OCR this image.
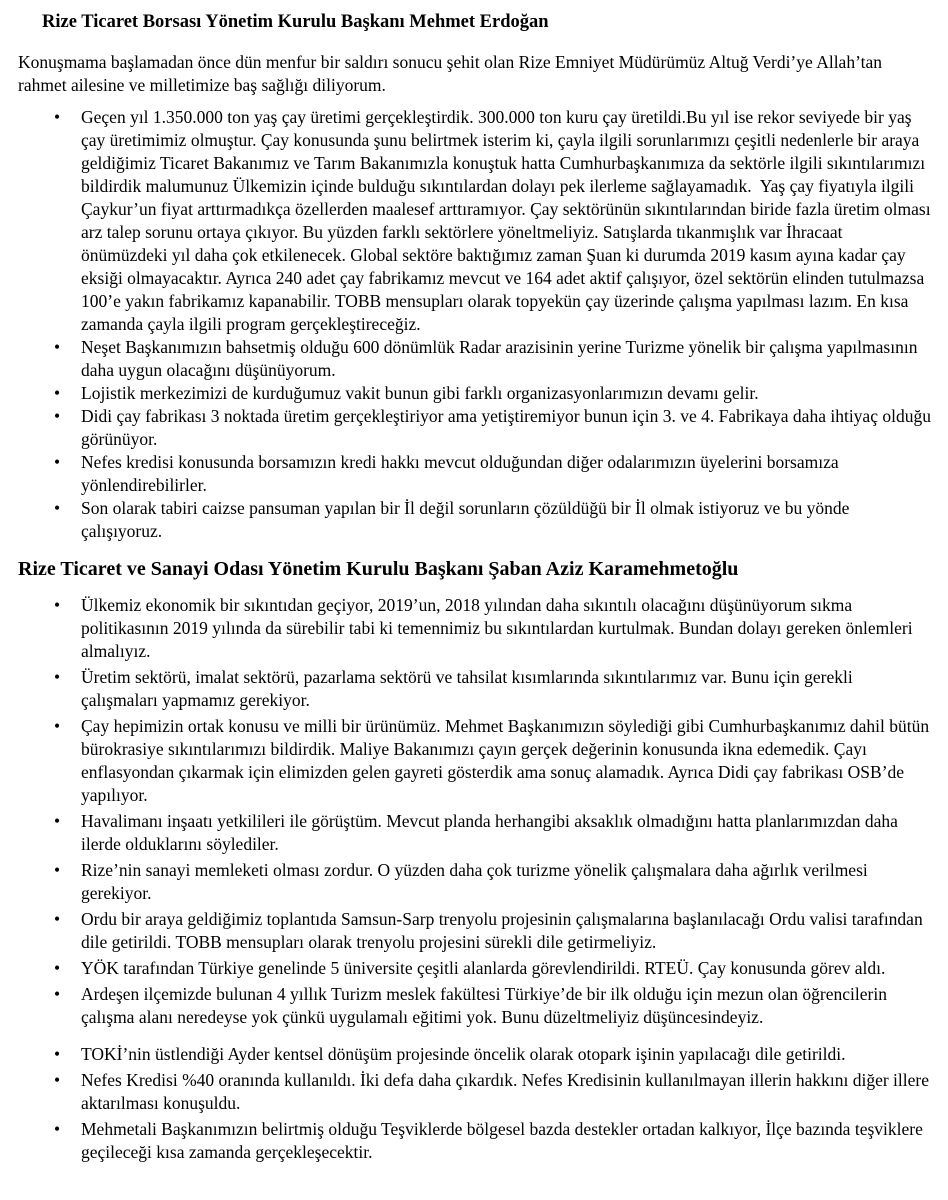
Rize Ticaret Borsası Yönetim Kurulu Başkanı Mehmet Erdoğan

Konuşmama başlamadan önce dün menfur bir saldırı sonucu şehit olan Rize Emniyet Müdürümüz Altuğ Verdi’ye Allah’tan rahmet ailesine ve milletimize baş sağlığı diliyorum.

• Geçen yıl 1.350.000 ton yaş çay üretimi gerçekleştirdik. 300.000 ton kuru çay üretildi.Bu yıl ise rekor seviyede bir yaş çay üretimimiz olmuştur. Çay konusunda şunu belirtmek isterim ki, çayla ilgili sorunlarımızı çeşitli nedenlerle bir araya geldiğimiz Ticaret Bakanımız ve Tarım Bakanımızla konuştuk hatta Cumhurbaşkanımıza da sektörle ilgili sıkıntılarımızı bildirdik malumunuz Ülkemizin içinde bulduğu sıkıntılardan dolayı pek ilerleme sağlayamadık.  Yaş çay fiyatıyla ilgili Çaykur’un fiyat arttırmadıkça özellerden maalesef arttıramıyor. Çay sektörünün sıkıntılarından biride fazla üretim olması arz talep sorunu ortaya çıkıyor. Bu yüzden farklı sektörlere yöneltmeliyiz. Satışlarda tıkanmışlık var İhracaat önümüzdeki yıl daha çok etkilenecek. Global sektöre baktığımız zaman Şuan ki durumda 2019 kasım ayına kadar çay eksiği olmayacaktır. Ayrıca 240 adet çay fabrikamız mevcut ve 164 adet aktif çalışıyor, özel sektörün elinden tutulmazsa 100’e yakın fabrikamız kapanabilir. TOBB mensupları olarak topyekün çay üzerinde çalışma yapılması lazım. En kısa zamanda çayla ilgili program gerçekleştireceğiz.
• Neşet Başkanımızın bahsetmiş olduğu 600 dönümlük Radar arazisinin yerine Turizme yönelik bir çalışma yapılmasının daha uygun olacağını düşünüyorum.
• Lojistik merkezimizi de kurduğumuz vakit bunun gibi farklı organizasyonlarımızın devamı gelir.
• Didi çay fabrikası 3 noktada üretim gerçekleştiriyor ama yetiştiremiyor bunun için 3. ve 4. Fabrikaya daha ihtiyaç olduğu görünüyor.
• Nefes kredisi konusunda borsamızın kredi hakkı mevcut olduğundan diğer odalarımızın üyelerini borsamıza yönlendirebilirler.
• Son olarak tabiri caizse pansuman yapılan bir İl değil sorunların çözüldüğü bir İl olmak istiyoruz ve bu yönde çalışıyoruz.
Rize Ticaret ve Sanayi Odası Yönetim Kurulu Başkanı Şaban Aziz Karamehmetoğlu
• Ülkemiz ekonomik bir sıkıntıdan geçiyor, 2019’un, 2018 yılından daha sıkıntılı olacağını düşünüyorum sıkma politikasının 2019 yılında da sürebilir tabi ki temennimiz bu sıkıntılardan kurtulmak. Bundan dolayı gereken önlemleri almalıyız.
• Üretim sektörü, imalat sektörü, pazarlama sektörü ve tahsilat kısımlarında sıkıntılarımız var. Bunu için gerekli çalışmaları yapmamız gerekiyor.
• Çay hepimizin ortak konusu ve milli bir ürünümüz. Mehmet Başkanımızın söylediği gibi Cumhurbaşkanımız dahil bütün bürokrasiye sıkıntılarımızı bildirdik. Maliye Bakanımızı çayın gerçek değerinin konusunda ikna edemedik. Çayı enflasyondan çıkarmak için elimizden gelen gayreti gösterdik ama sonuç alamadık. Ayrıca Didi çay fabrikası OSB’de yapılıyor.
• Havalimanı inşaatı yetkilileri ile görüştüm. Mevcut planda herhangibi aksaklık olmadığını hatta planlarımızdan daha ilerde olduklarını söylediler.
• Rize’nin sanayi memleketi olması zordur. O yüzden daha çok turizme yönelik çalışmalara daha ağırlık verilmesi gerekiyor.
• Ordu bir araya geldiğimiz toplantıda Samsun-Sarp trenyolu projesinin çalışmalarına başlanılacağı Ordu valisi tarafından dile getirildi. TOBB mensupları olarak trenyolu projesini sürekli dile getirmeliyiz.
• YÖK tarafından Türkiye genelinde 5 üniversite çeşitli alanlarda görevlendirildi. RTEÜ. Çay konusunda görev aldı.
• Ardeşen ilçemizde bulunan 4 yıllık Turizm meslek fakültesi Türkiye’de bir ilk olduğu için mezun olan öğrencilerin çalışma alanı neredeyse yok çünkü uygulamalı eğitimi yok. Bunu düzeltmeliyiz düşüncesindeyiz.
• TOKİ’nin üstlendiği Ayder kentsel dönüşüm projesinde öncelik olarak otopark işinin yapılacağı dile getirildi.
• Nefes Kredisi %40 oranında kullanıldı. İki defa daha çıkardık. Nefes Kredisinin kullanılmayan illerin hakkını diğer illere aktarılması konuşuldu.
• Mehmetali Başkanımızın belirtmiş olduğu Teşviklerde bölgesel bazda destekler ortadan kalkıyor, İlçe bazında teşviklere geçileceği kısa zamanda gerçekleşecektir.
